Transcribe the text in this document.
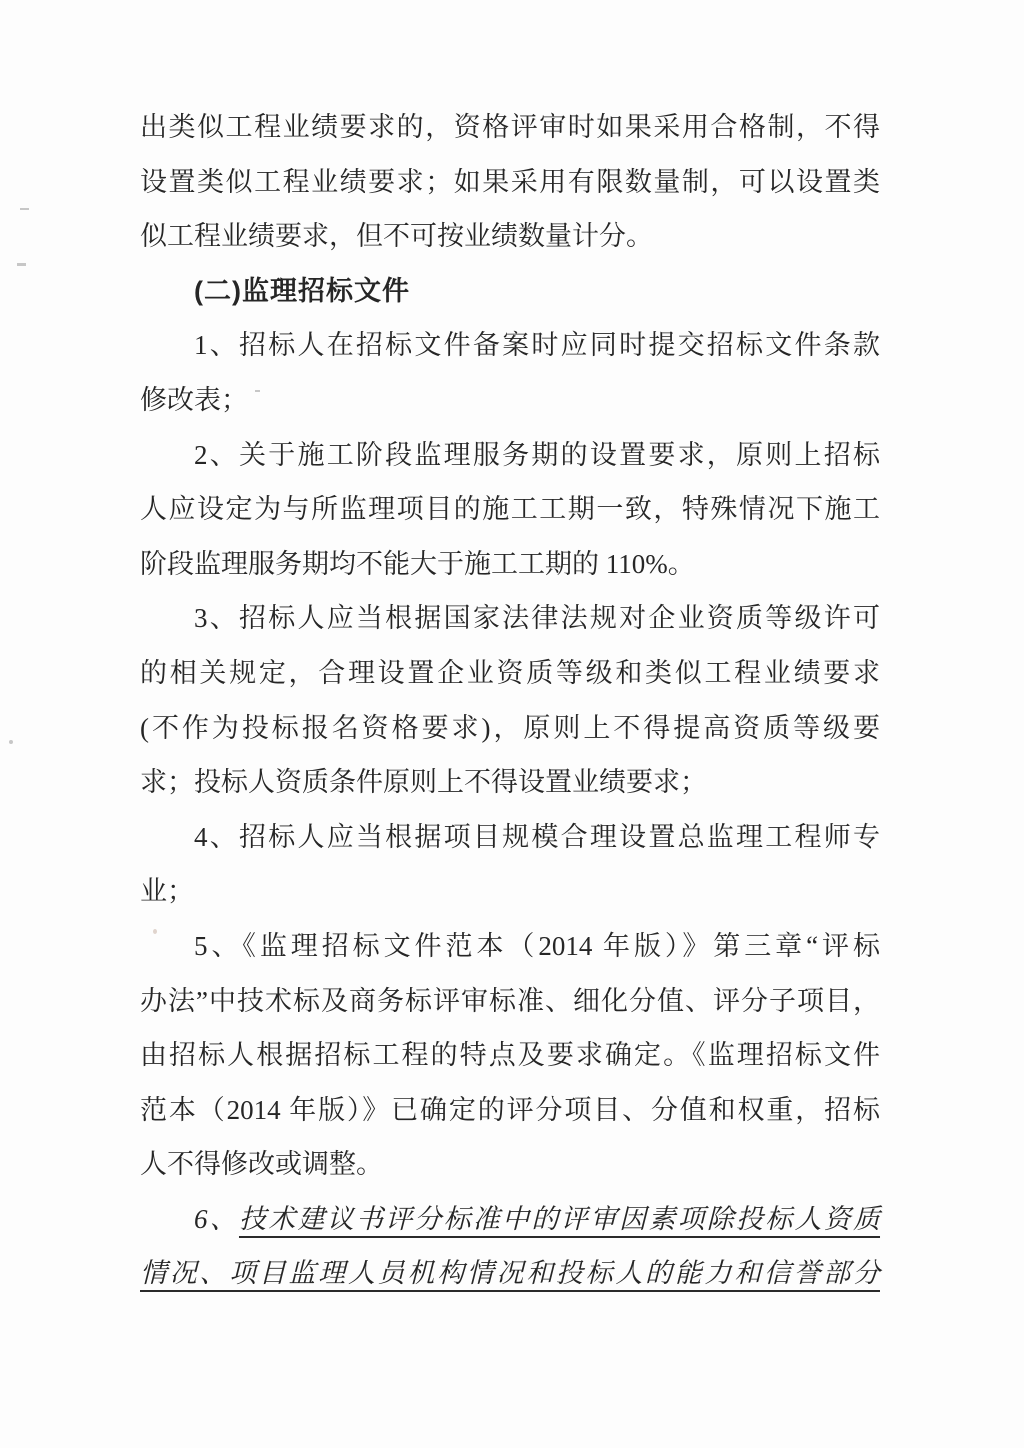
出类似工程业绩要求的，资格评审时如果采用合格制，不得
设置类似工程业绩要求；如果采用有限数量制，可以设置类
似工程业绩要求，但不可按业绩数量计分。
(二)监理招标文件
1、招标人在招标文件备案时应同时提交招标文件条款
修改表；
2、关于施工阶段监理服务期的设置要求，原则上招标
人应设定为与所监理项目的施工工期一致，特殊情况下施工
阶段监理服务期均不能大于施工工期的 110%。
3、招标人应当根据国家法律法规对企业资质等级许可
的相关规定，合理设置企业资质等级和类似工程业绩要求
(不作为投标报名资格要求)，原则上不得提高资质等级要
求；投标人资质条件原则上不得设置业绩要求；
4、招标人应当根据项目规模合理设置总监理工程师专
业；
5、《监理招标文件范本（2014 年版）》第三章“评标
办法”中技术标及商务标评审标准、细化分值、评分子项目，
由招标人根据招标工程的特点及要求确定。《监理招标文件
范本（2014 年版）》已确定的评分项目、分值和权重，招标
人不得修改或调整。
6、技术建议书评分标准中的评审因素项除投标人资质
情况、项目监理人员机构情况和投标人的能力和信誉部分
